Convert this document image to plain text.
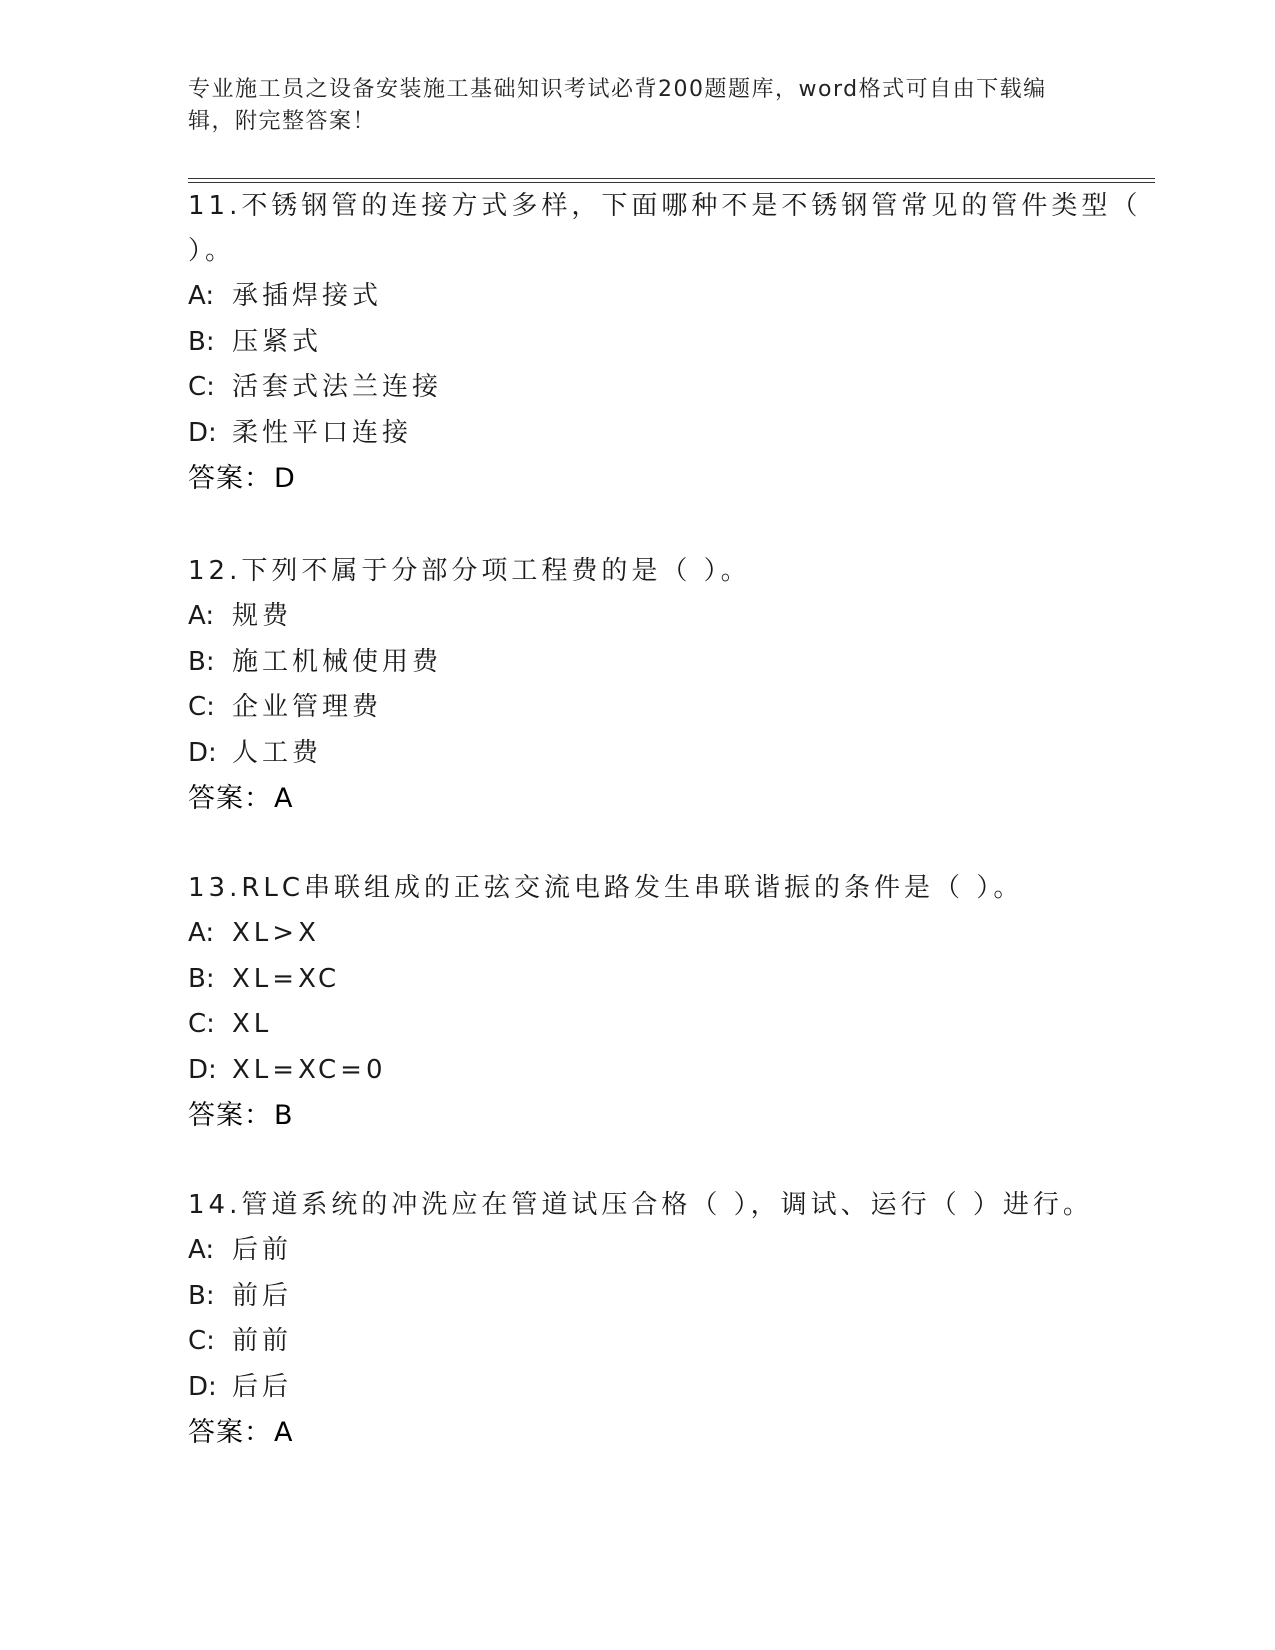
专业施工员之设备安装施工基础知识考试必背200题题库，word格式可自由下载编辑，附完整答案！
11.不锈钢管的连接方式多样，下面哪种不是不锈钢管常见的管件类型（ ）。
A: 承插焊接式
B: 压紧式
C: 活套式法兰连接
D: 柔性平口连接
答案：D
12.下列不属于分部分项工程费的是（ ）。
A: 规费
B: 施工机械使用费
C: 企业管理费
D: 人工费
答案：A
13.RLC串联组成的正弦交流电路发生串联谐振的条件是（ ）。
A: XL>X
B: XL=XC
C: XL
D: XL=XC=0
答案：B
14.管道系统的冲洗应在管道试压合格（ ），调试、运行（ ）进行。
A: 后前
B: 前后
C: 前前
D: 后后
答案：A
